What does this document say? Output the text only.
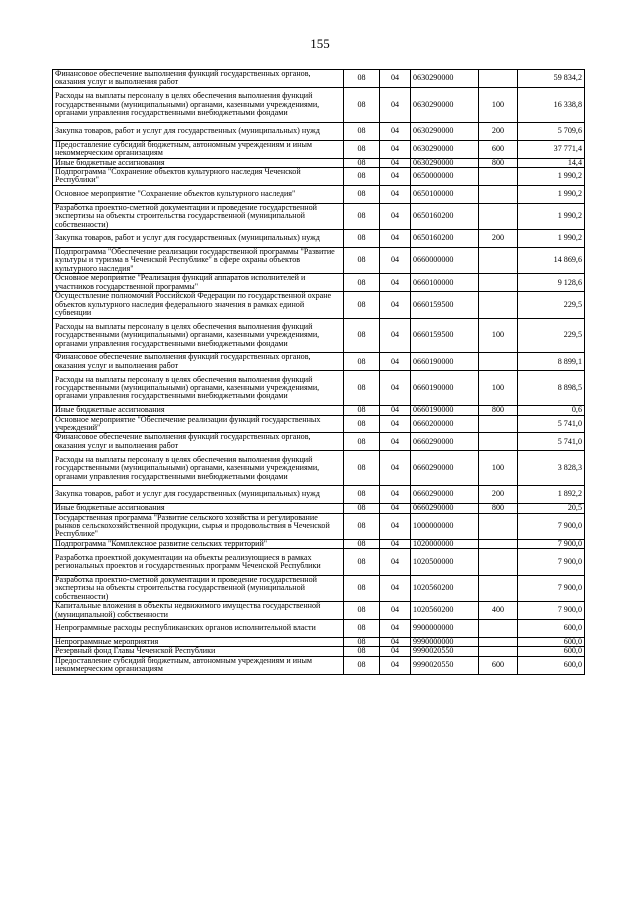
155
Финансовое обеспечение выполнения функций государственных органов, оказания услуг и выполнения работ	08	04	0630290000		59 834,2
Расходы на выплаты персоналу в целях обеспечения выполнения функций государственными (муниципальными) органами, казенными учреждениями, органами управления государственными внебюджетными фондами	08	04	0630290000	100	16 338,8
Закупка товаров, работ и услуг для государственных (муниципальных) нужд	08	04	0630290000	200	5 709,6
Предоставление субсидий бюджетным, автономным учреждениям и иным некоммерческим организациям	08	04	0630290000	600	37 771,4
Иные бюджетные ассигнования	08	04	0630290000	800	14,4
Подпрограмма "Сохранение объектов культурного наследия Чеченской Республики"	08	04	0650000000		1 990,2
Основное мероприятие "Сохранение объектов культурного наследия"	08	04	0650100000		1 990,2
Разработка проектно-сметной документации и проведение государственной экспертизы на объекты строительства государственной (муниципальной собственности)	08	04	0650160200		1 990,2
Закупка товаров, работ и услуг для государственных (муниципальных) нужд	08	04	0650160200	200	1 990,2
Подпрограмма "Обеспечение реализации государственной программы "Развитие культуры и туризма в Чеченской Республике" в сфере охраны объектов культурного наследия"	08	04	0660000000		14 869,6
Основное мероприятие "Реализация функций аппаратов исполнителей и участников государственной программы"	08	04	0660100000		9 128,6
Осуществление полномочий Российской Федерации по государственной охране объектов культурного наследия федерального значения в рамках единой субвенции	08	04	0660159500		229,5
Расходы на выплаты персоналу в целях обеспечения выполнения функций государственными (муниципальными) органами, казенными учреждениями, органами управления государственными внебюджетными фондами	08	04	0660159500	100	229,5
Финансовое обеспечение выполнения функций государственных органов, оказания услуг и выполнения работ	08	04	0660190000		8 899,1
Расходы на выплаты персоналу в целях обеспечения выполнения функций государственными (муниципальными) органами, казенными учреждениями, органами управления государственными внебюджетными фондами	08	04	0660190000	100	8 898,5
Иные бюджетные ассигнования	08	04	0660190000	800	0,6
Основное мероприятие "Обеспечение реализации функций государственных учреждений"	08	04	0660200000		5 741,0
Финансовое обеспечение выполнения функций государственных органов, оказания услуг и выполнения работ	08	04	0660290000		5 741,0
Расходы на выплаты персоналу в целях обеспечения выполнения функций государственными (муниципальными) органами, казенными учреждениями, органами управления государственными внебюджетными фондами	08	04	0660290000	100	3 828,3
Закупка товаров, работ и услуг для государственных (муниципальных) нужд	08	04	0660290000	200	1 892,2
Иные бюджетные ассигнования	08	04	0660290000	800	20,5
Государственная программа "Развитие сельского хозяйства и регулирование рынков сельскохозяйственной продукции, сырья и продовольствия в Чеченской Республике"	08	04	1000000000		7 900,0
Подпрограмма "Комплексное развитие сельских территорий"	08	04	1020000000		7 900,0
Разработка проектной документации на объекты реализующиеся в рамках региональных проектов и государственных программ Чеченской Республики	08	04	1020500000		7 900,0
Разработка проектно-сметной документации и проведение государственной экспертизы на объекты строительства государственной (муниципальной собственности)	08	04	1020560200		7 900,0
Капитальные вложения в объекты недвижимого имущества государственной (муниципальной) собственности	08	04	1020560200	400	7 900,0
Непрограммные расходы республиканских органов исполнительной власти	08	04	9900000000		600,0
Непрограммные мероприятия	08	04	9990000000		600,0
Резервный фонд Главы Чеченской Республики	08	04	9990020550		600,0
Предоставление субсидий бюджетным, автономным учреждениям и иным некоммерческим организациям	08	04	9990020550	600	600,0
